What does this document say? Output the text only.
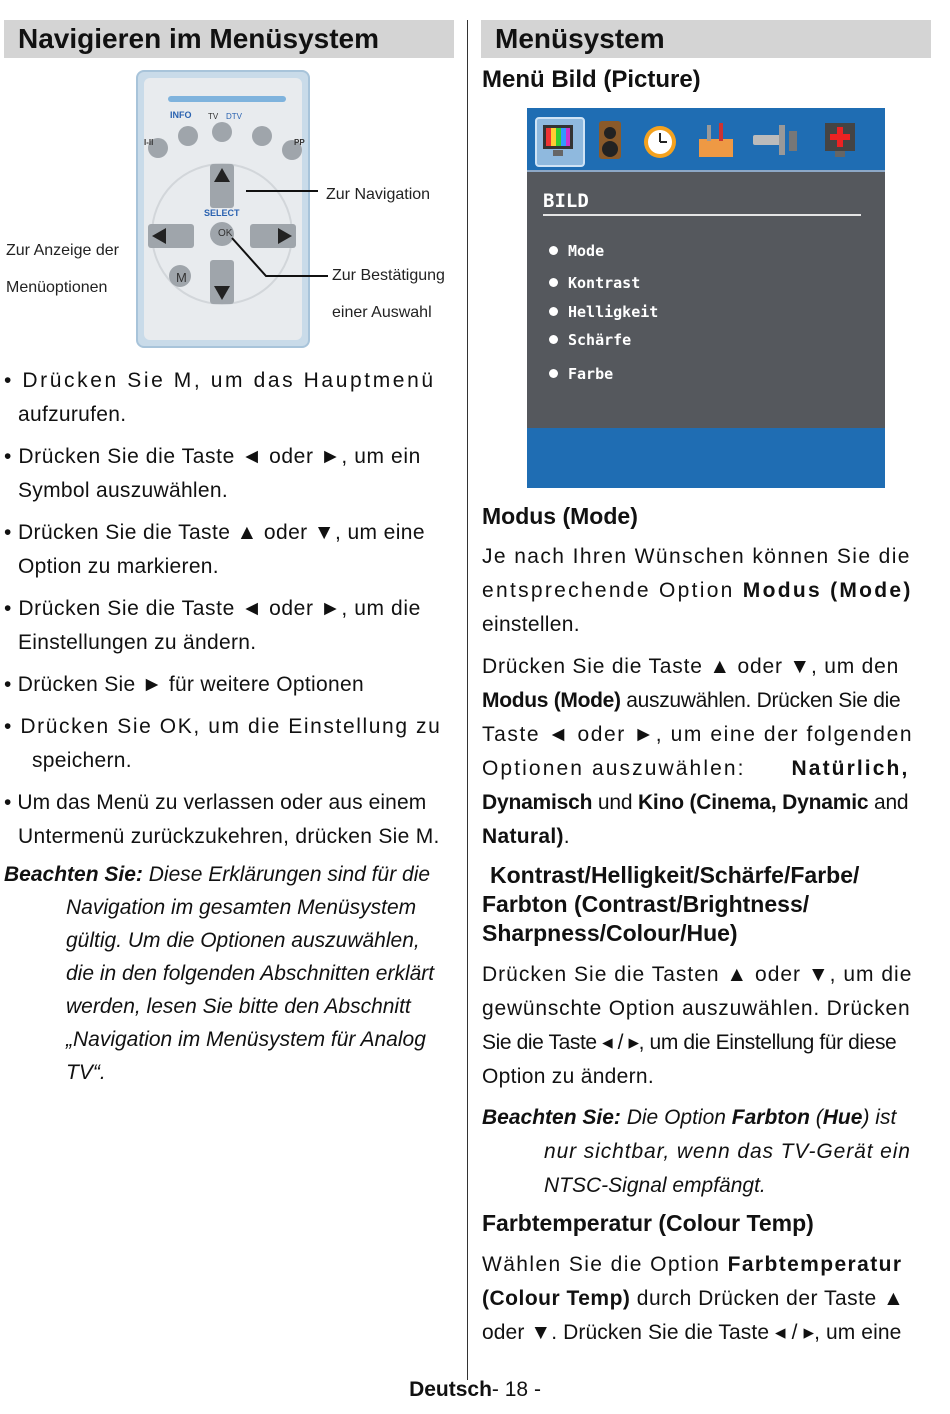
Navigieren im Menüsystem
SELECT
OK
M
INFO TV DTV
PP
I-II
Zur Navigation
Zur Anzeige der
Menüoptionen
Zur Bestätigung
einer Auswahl
• Drücken Sie M, um das Hauptmenü
aufzurufen.
• Drücken Sie die Taste ◄ oder ►, um ein
Symbol auszuwählen.
• Drücken Sie die Taste ▲ oder ▼, um eine
Option zu markieren.
• Drücken Sie die Taste ◄ oder ►, um die
Einstellungen zu ändern.
• Drücken Sie ► für weitere Optionen
• Drücken Sie OK, um die Einstellung zu
speichern.
• Um das Menü zu verlassen oder aus einem
Untermenü zurückzukehren, drücken Sie M.
Beachten Sie: Diese Erklärungen sind für die
Navigation im gesamten Menüsystem
gültig. Um die Optionen auszuwählen,
die in den folgenden Abschnitten erklärt
werden, lesen Sie bitte den Abschnitt
„Navigation im Menüsystem für Analog
TV“.
Menüsystem
Menü Bild (Picture)
BILD
Mode
Kontrast
Helligkeit
Schärfe
Farbe
Modus (Mode)
Je nach Ihren Wünschen können Sie die
entsprechende Option Modus (Mode)
einstellen.
Drücken Sie die Taste ▲ oder ▼, um den
Modus (Mode) auszuwählen. Drücken Sie die
Taste ◄ oder ►, um eine der folgenden
Optionen auszuwählen: Natürlich,
Dynamisch und Kino (Cinema, Dynamic and
Natural).
Kontrast/Helligkeit/Schärfe/Farbe/
Farbton (Contrast/Brightness/
Sharpness/Colour/Hue)
Drücken Sie die Tasten ▲ oder ▼, um die
gewünschte Option auszuwählen. Drücken
Sie die Taste ◂ / ▸, um die Einstellung für diese
Option zu ändern.
Beachten Sie: Die Option Farbton (Hue) ist
nur sichtbar, wenn das TV-Gerät ein
NTSC-Signal empfängt.
Farbtemperatur (Colour Temp)
Wählen Sie die Option Farbtemperatur
(Colour Temp) durch Drücken der Taste ▲
oder ▼. Drücken Sie die Taste ◂ / ▸, um eine
Deutsch- 18 -
